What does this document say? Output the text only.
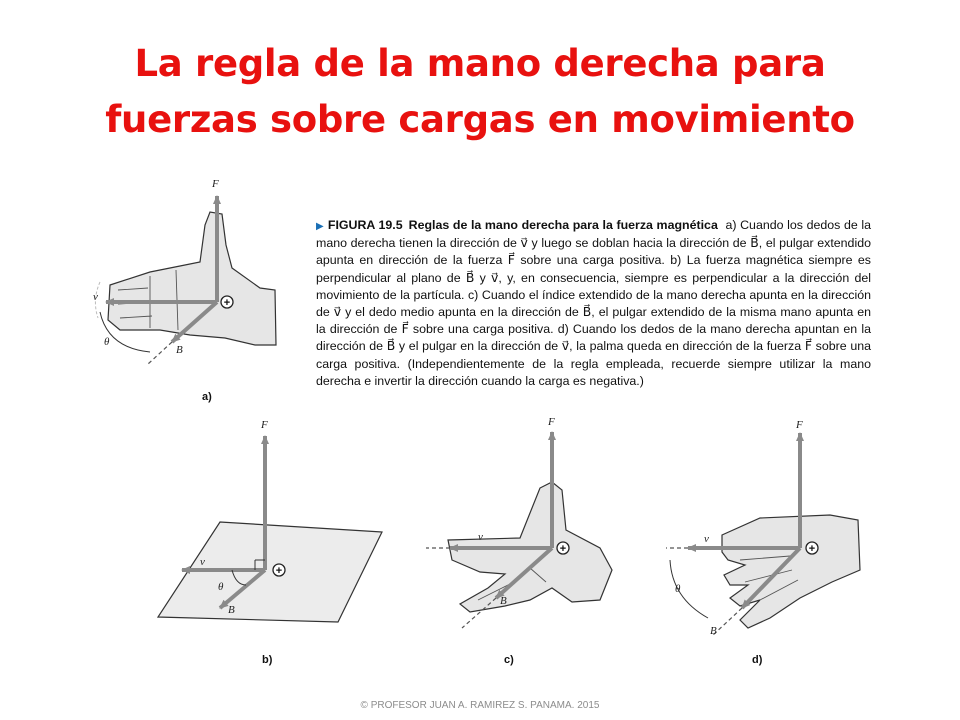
La regla de la mano derecha para
fuerzas sobre cargas en movimiento
+
F
v
B
θ
a)
+
F
v
B
θ
b)
+
F
v
B
c)
+
F
v
B
θ
d)
▶ FIGURA 19.5 Reglas de la mano derecha para la fuerza magnética a) Cuando los dedos de la mano derecha tienen la dirección de v⃗ y luego se doblan hacia la dirección de B⃗, el pulgar extendido apunta en dirección de la fuerza F⃗ sobre una carga positiva. b) La fuerza magnética siempre es perpendicular al plano de B⃗ y v⃗, y, en consecuencia, siempre es perpendicular a la dirección del movimiento de la partícula. c) Cuando el índice extendido de la mano derecha apunta en la dirección de v⃗ y el dedo medio apunta en la dirección de B⃗, el pulgar extendido de la misma mano apunta en la dirección de F⃗ sobre una carga positiva. d) Cuando los dedos de la mano derecha apuntan en la dirección de B⃗ y el pulgar en la dirección de v⃗, la palma queda en dirección de la fuerza F⃗ sobre una carga positiva. (Independientemente de la regla empleada, recuerde siempre utilizar la mano derecha e invertir la dirección cuando la carga es negativa.)
© PROFESOR JUAN A. RAMIREZ S. PANAMA. 2015
